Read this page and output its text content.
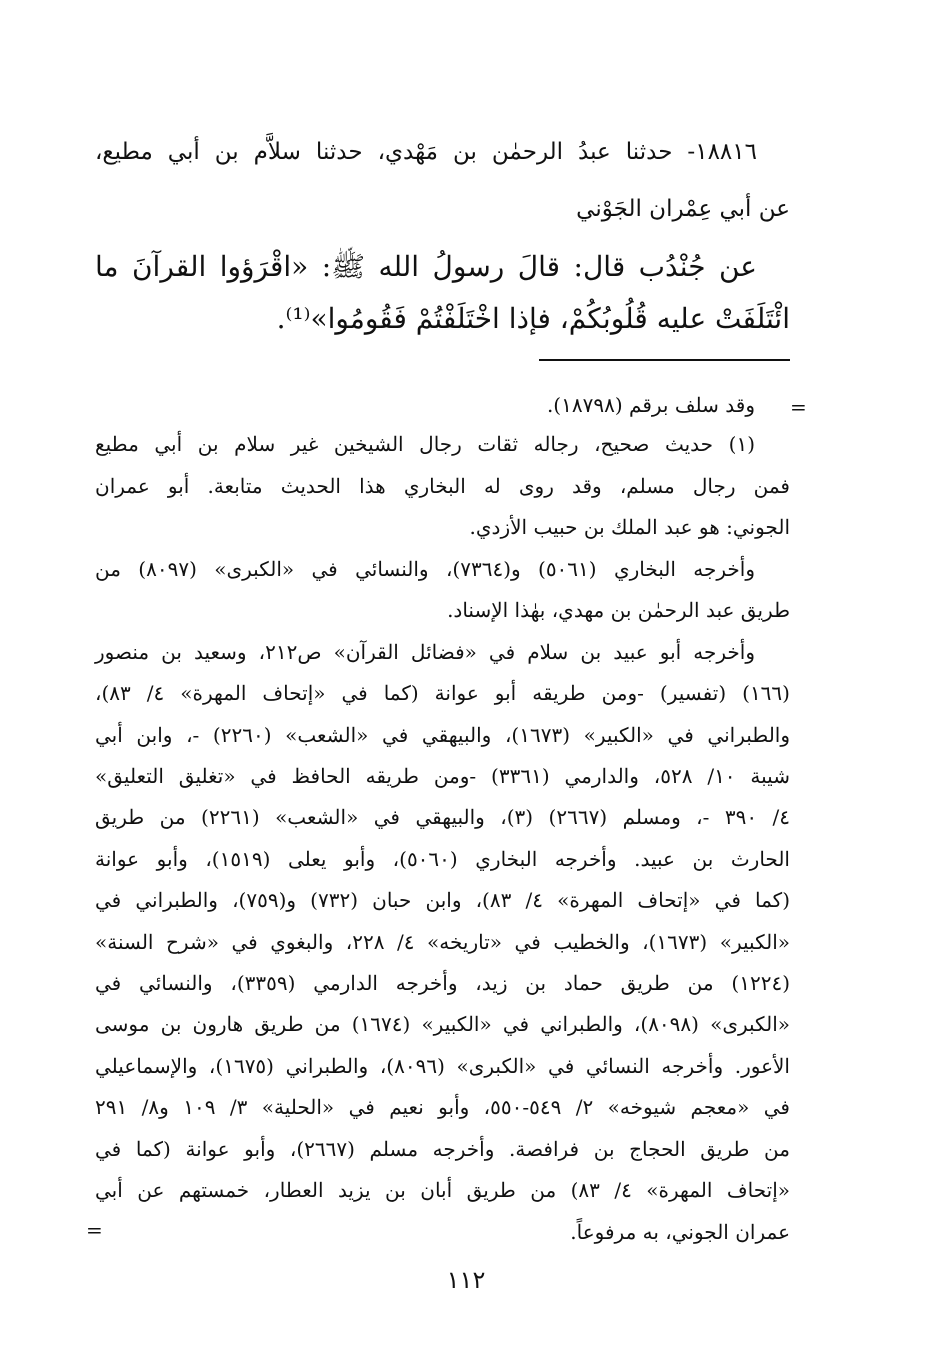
١٨٨١٦- حدثنا عبدُ الرحمٰن بن مَهْدي، حدثنا سلاَّم بن أبي مطيع،
عن أبي عِمْران الجَوْني
عن جُنْدُب قال: قالَ رسولُ الله ﷺ: «اقْرَؤوا القرآنَ ما
ائْتَلَفَتْ عليه قُلُوبُكُمْ، فإذا اخْتَلَفْتُمْ فَقُومُوا»⁽¹⁾.
=
وقد سلف برقم (١٨٧٩٨).
(١) حديث صحيح، رجاله ثقات رجال الشيخين غير سلام بن أبي مطيع
فمن رجال مسلم، وقد روى له البخاري هذا الحديث متابعة. أبو عمران
الجوني: هو عبد الملك بن حبيب الأزدي.
وأخرجه البخاري (٥٠٦١) و(٧٣٦٤)، والنسائي في «الكبرى» (٨٠٩٧) من
طريق عبد الرحمٰن بن مهدي، بهٰذا الإسناد.
وأخرجه أبو عبيد بن سلام في «فضائل القرآن» ص٢١٢، وسعيد بن منصور
(١٦٦) (تفسير) -ومن طريقه أبو عوانة (كما في «إتحاف المهرة» ٤/ ٨٣)،
والطبراني في «الكبير» (١٦٧٣)، والبيهقي في «الشعب» (٢٢٦٠) -، وابن أبي
شيبة ١٠/ ٥٢٨، والدارمي (٣٣٦١) -ومن طريقه الحافظ في «تغليق التعليق»
٤/ ٣٩٠ -، ومسلم (٢٦٦٧) (٣)، والبيهقي في «الشعب» (٢٢٦١) من طريق
الحارث بن عبيد. وأخرجه البخاري (٥٠٦٠)، وأبو يعلى (١٥١٩)، وأبو عوانة
(كما في «إتحاف المهرة» ٤/ ٨٣)، وابن حبان (٧٣٢) و(٧٥٩)، والطبراني في
«الكبير» (١٦٧٣)، والخطيب في «تاريخه» ٤/ ٢٢٨، والبغوي في «شرح السنة»
(١٢٢٤) من طريق حماد بن زيد، وأخرجه الدارمي (٣٣٥٩)، والنسائي في
«الكبرى» (٨٠٩٨)، والطبراني في «الكبير» (١٦٧٤) من طريق هارون بن موسى
الأعور. وأخرجه النسائي في «الكبرى» (٨٠٩٦)، والطبراني (١٦٧٥)، والإسماعيلي
في «معجم شيوخه» ٢/ ٥٤٩-٥٥٠، وأبو نعيم في «الحلية» ٣/ ١٠٩ و٨/ ٢٩١
من طريق الحجاج بن فرافصة. وأخرجه مسلم (٢٦٦٧)، وأبو عوانة (كما في
«إتحاف المهرة» ٤/ ٨٣) من طريق أبان بن يزيد العطار، خمستهم عن أبي
عمران الجوني، به مرفوعاً.
=
١١٢
